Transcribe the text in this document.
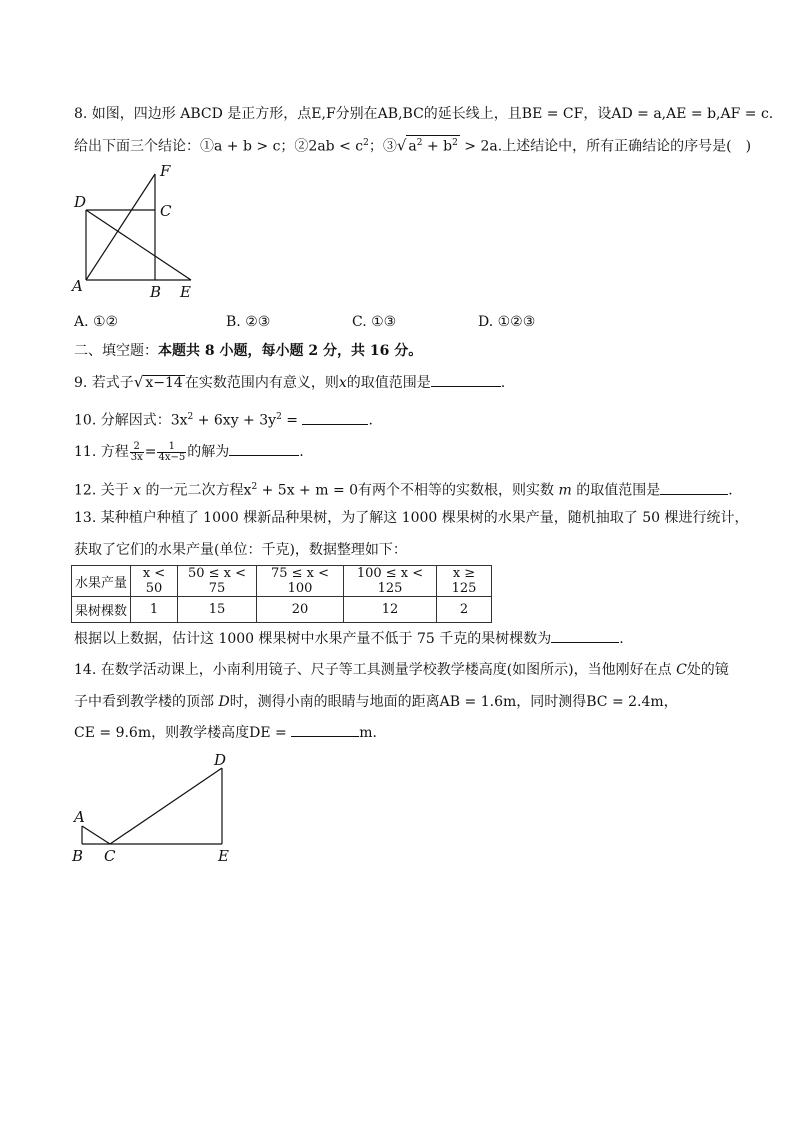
8. 如图，四边形 ABCD 是正方形，点E,F分别在AB,BC的延长线上，且BE = CF，设AD = a,AE = b,AF = c.
给出下面三个结论：①a + b > c；②2ab < $c^2$；③√ $a^2 + b^2 > 2a$.上述结论中，所有正确结论的序号是(　)
D	C
F
A	B E
A. ①②	B. ②③	C. ①③	D. ①②③
二、填空题：本题共 8 小题，每小题 2 分，共 16 分。
9. 若式子√ x−14 在实数范围内有意义，则x的取值范围是	.
10. 分解因式：$3x^2 + 6xy + 3y^2$ =	.
11. 方程 $\frac{2}{3x} = \frac{1}{4x-5}$ 的解为	.
12. 关于 x 的一元二次方程$x^2 + 5x + m = 0$有两个不相等的实数根，则实数 m 的取值范围是	.
13. 某种植户种植了 1000 棵新品种果树，为了解这 1000 棵果树的水果产量，随机抽取了 50 棵进行统计，
获取了它们的水果产量(单位：千克)，数据整理如下：
水果产量	x < 50	50 ≤ x < 75	75 ≤ x < 100	100 ≤ x < 125	x ≥ 125
果树棵数	1	15	20	12	2
根据以上数据，估计这 1000 棵果树中水果产量不低于 75 千克的果树棵数为	.
14. 在数学活动课上，小南利用镜子、尺子等工具测量学校教学楼高度(如图所示)，当他刚好在点 C处的镜
子中看到教学楼的顶部 D时，测得小南的眼睛与地面的距离AB = 1.6m，同时测得BC = 2.4m，
CE = 9.6m，则教学楼高度DE =	m.
A
B C
D
E
